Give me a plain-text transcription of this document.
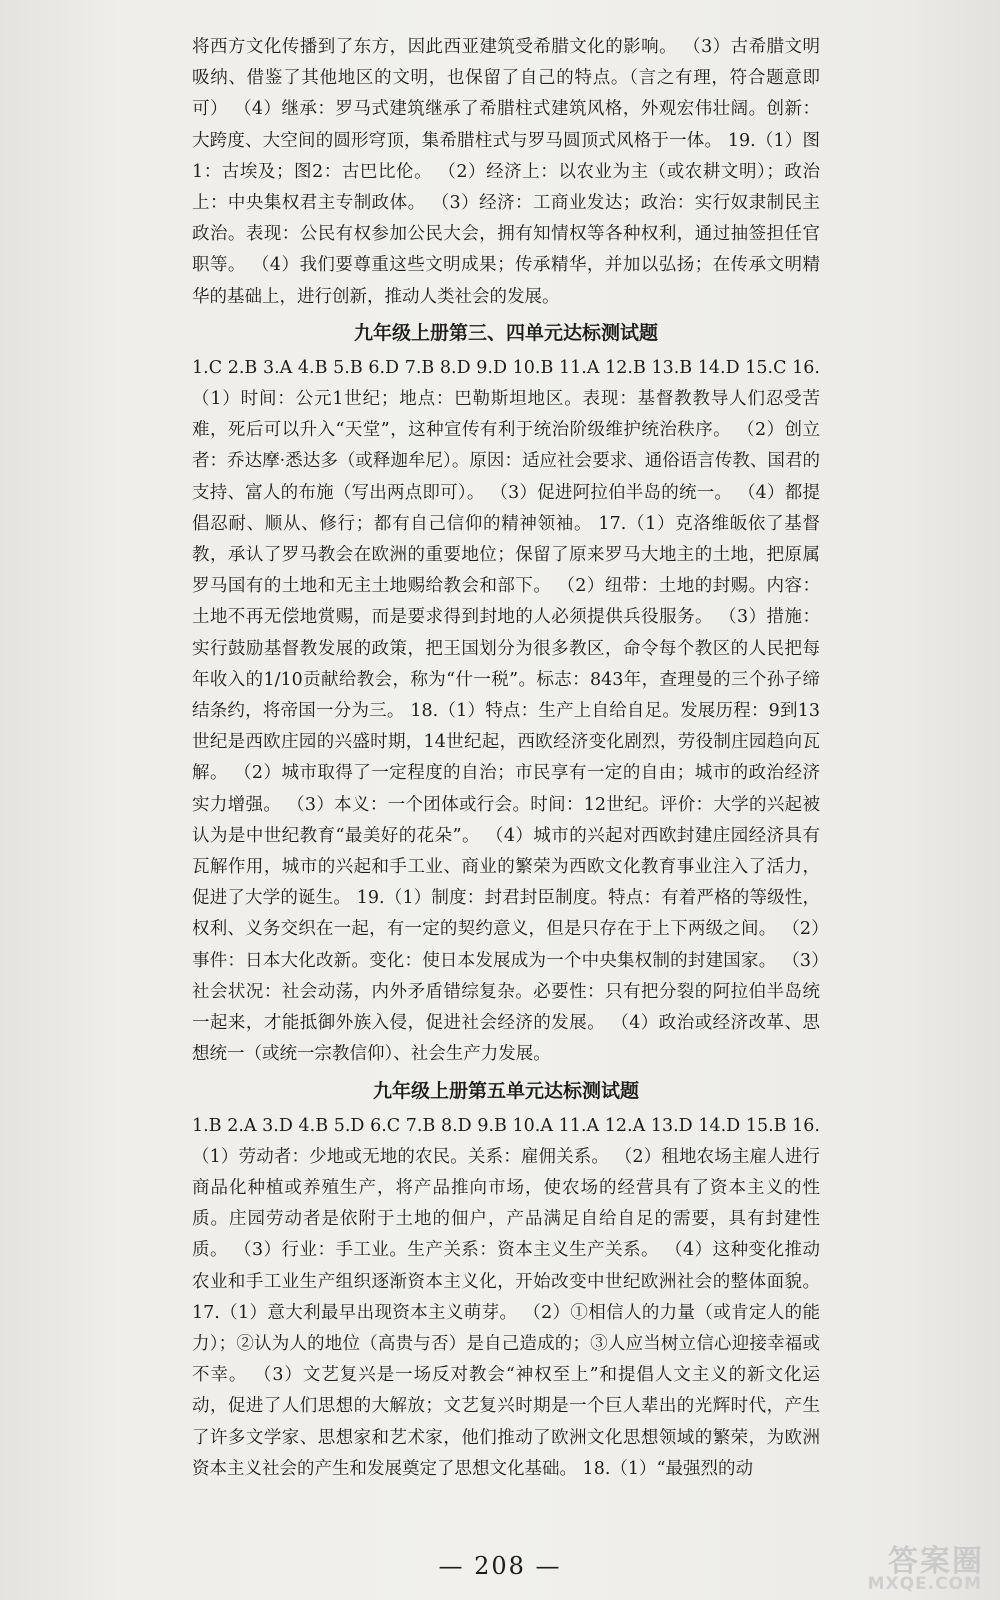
将西方文化传播到了东方，因此西亚建筑受希腊文化的影响。 （3）古希腊文明吸纳、借鉴了其他地区的文明，也保留了自己的特点。（言之有理，符合题意即可） （4）继承：罗马式建筑继承了希腊柱式建筑风格，外观宏伟壮阔。创新：大跨度、大空间的圆形穹顶，集希腊柱式与罗马圆顶式风格于一体。 19.（1）图1：古埃及；图2：古巴比伦。 （2）经济上：以农业为主（或农耕文明）；政治上：中央集权君主专制政体。 （3）经济：工商业发达；政治：实行奴隶制民主政治。表现：公民有权参加公民大会，拥有知情权等各种权利，通过抽签担任官职等。 （4）我们要尊重这些文明成果；传承精华，并加以弘扬；在传承文明精华的基础上，进行创新，推动人类社会的发展。

九年级上册第三、四单元达标测试题

1.C 2.B 3.A 4.B 5.B 6.D 7.B 8.D 9.D 10.B 11.A 12.B 13.B 14.D 15.C 16.（1）时间：公元1世纪；地点：巴勒斯坦地区。表现：基督教教导人们忍受苦难，死后可以升入“天堂”，这种宣传有利于统治阶级维护统治秩序。 （2）创立者：乔达摩·悉达多（或释迦牟尼）。原因：适应社会要求、通俗语言传教、国君的支持、富人的布施（写出两点即可）。 （3）促进阿拉伯半岛的统一。 （4）都提倡忍耐、顺从、修行；都有自己信仰的精神领袖。 17.（1）克洛维皈依了基督教，承认了罗马教会在欧洲的重要地位；保留了原来罗马大地主的土地，把原属罗马国有的土地和无主土地赐给教会和部下。 （2）纽带：土地的封赐。内容：土地不再无偿地赏赐，而是要求得到封地的人必须提供兵役服务。 （3）措施：实行鼓励基督教发展的政策，把王国划分为很多教区，命令每个教区的人民把每年收入的1/10贡献给教会，称为“什一税”。标志：843年，查理曼的三个孙子缔结条约，将帝国一分为三。 18.（1）特点：生产上自给自足。发展历程：9到13世纪是西欧庄园的兴盛时期，14世纪起，西欧经济变化剧烈，劳役制庄园趋向瓦解。 （2）城市取得了一定程度的自治；市民享有一定的自由；城市的政治经济实力增强。 （3）本义：一个团体或行会。时间：12世纪。评价：大学的兴起被认为是中世纪教育“最美好的花朵”。 （4）城市的兴起对西欧封建庄园经济具有瓦解作用，城市的兴起和手工业、商业的繁荣为西欧文化教育事业注入了活力，促进了大学的诞生。 19.（1）制度：封君封臣制度。特点：有着严格的等级性，权利、义务交织在一起，有一定的契约意义，但是只存在于上下两级之间。 （2）事件：日本大化改新。变化：使日本发展成为一个中央集权制的封建国家。 （3）社会状况：社会动荡，内外矛盾错综复杂。必要性：只有把分裂的阿拉伯半岛统一起来，才能抵御外族入侵，促进社会经济的发展。 （4）政治或经济改革、思想统一（或统一宗教信仰）、社会生产力发展。

九年级上册第五单元达标测试题

1.B 2.A 3.D 4.B 5.D 6.C 7.B 8.D 9.B 10.A 11.A 12.A 13.D 14.D 15.B 16.（1）劳动者：少地或无地的农民。关系：雇佣关系。 （2）租地农场主雇人进行商品化种植或养殖生产，将产品推向市场，使农场的经营具有了资本主义的性质。庄园劳动者是依附于土地的佃户，产品满足自给自足的需要，具有封建性质。 （3）行业：手工业。生产关系：资本主义生产关系。 （4）这种变化推动农业和手工业生产组织逐渐资本主义化，开始改变中世纪欧洲社会的整体面貌。 17.（1）意大利最早出现资本主义萌芽。 （2）①相信人的力量（或肯定人的能力）；②认为人的地位（高贵与否）是自己造成的；③人应当树立信心迎接幸福或不幸。 （3）文艺复兴是一场反对教会“神权至上”和提倡人文主义的新文化运动，促进了人们思想的大解放；文艺复兴时期是一个巨人辈出的光辉时代，产生了许多文学家、思想家和艺术家，他们推动了欧洲文化思想领域的繁荣，为欧洲资本主义社会的产生和发展奠定了思想文化基础。 18.（1）“最强烈的动

— 208 —	答案圈
MXQE.COM
